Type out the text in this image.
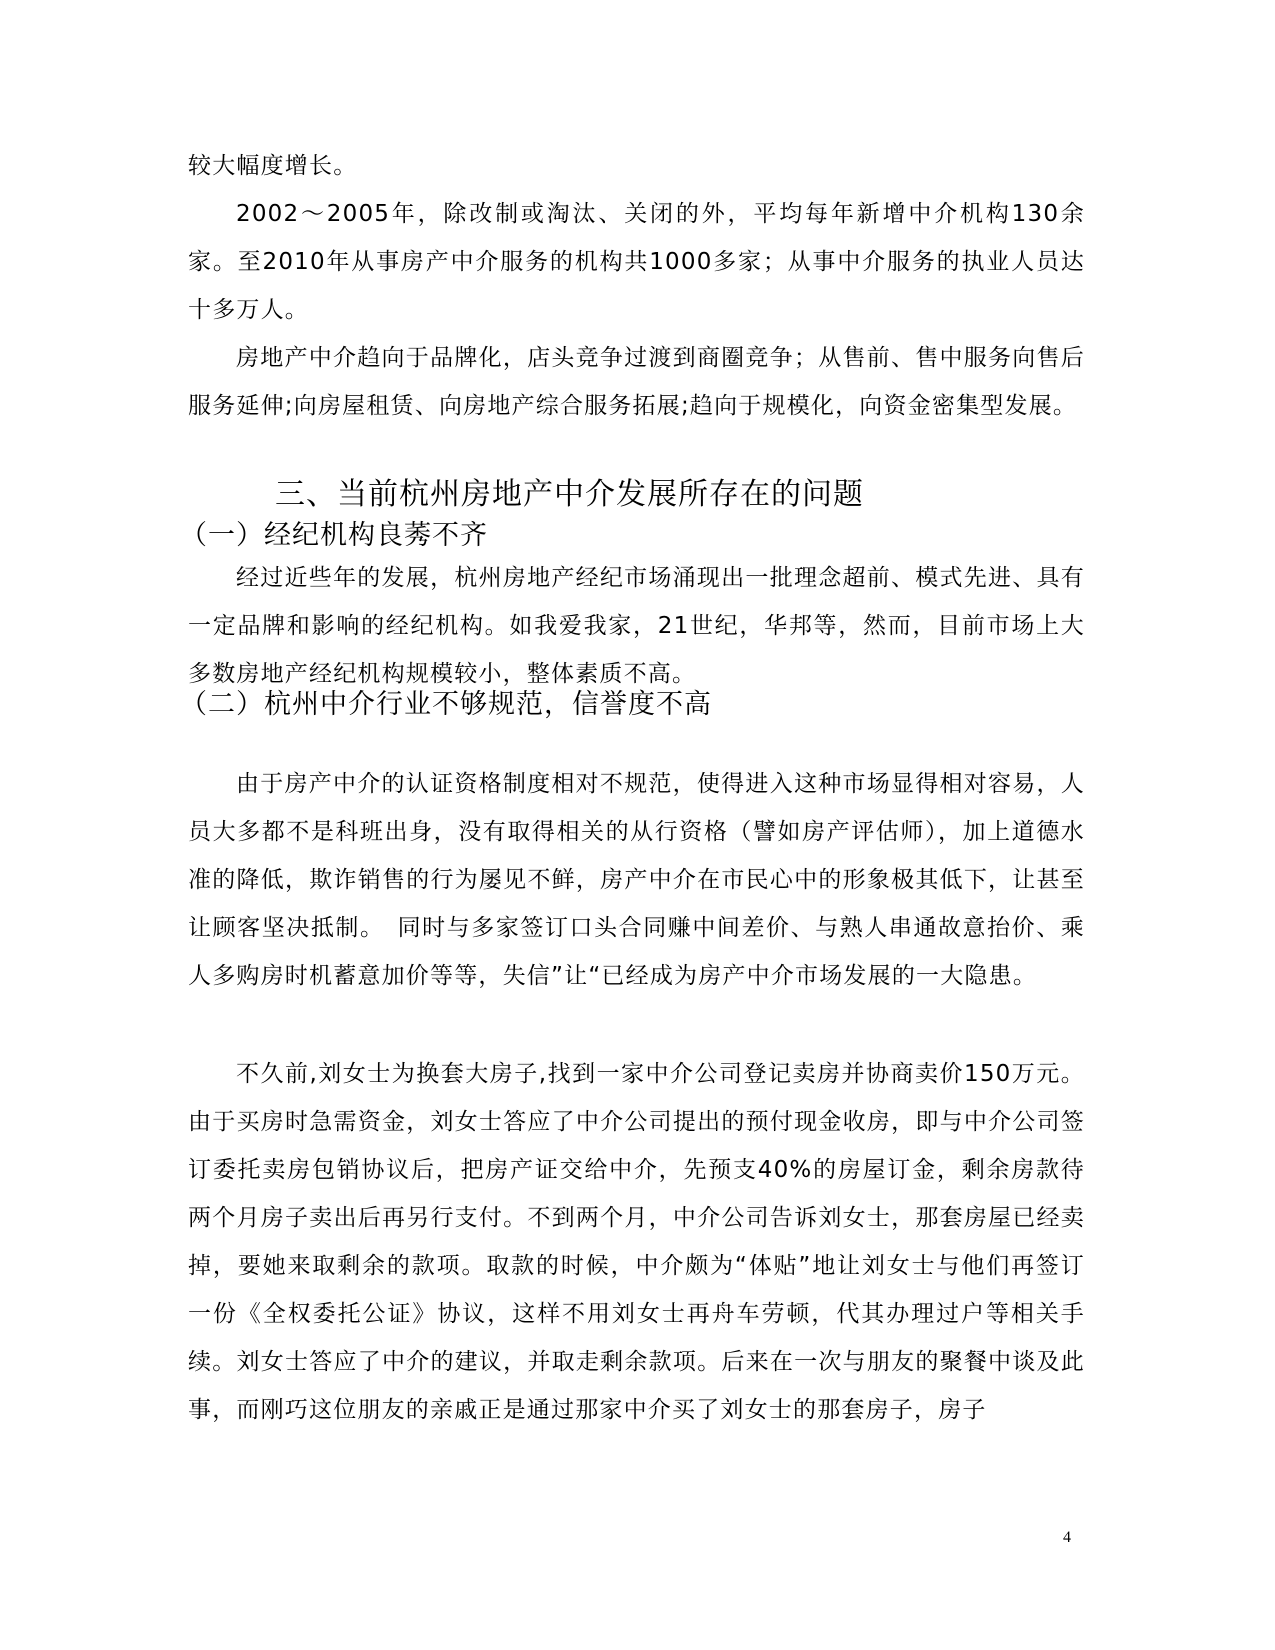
较大幅度增长。

2002～2005年，除改制或淘汰、关闭的外，平均每年新增中介机构130余家。至2010年从事房产中介服务的机构共1000多家；从事中介服务的执业人员达十多万人。

房地产中介趋向于品牌化，店头竞争过渡到商圈竞争；从售前、售中服务向售后服务延伸;向房屋租赁、向房地产综合服务拓展;趋向于规模化，向资金密集型发展。

三、当前杭州房地产中介发展所存在的问题
（一）经纪机构良莠不齐

经过近些年的发展，杭州房地产经纪市场涌现出一批理念超前、模式先进、具有一定品牌和影响的经纪机构。如我爱我家，21世纪，华邦等，然而，目前市场上大多数房地产经纪机构规模较小，整体素质不高。

（二）杭州中介行业不够规范，信誉度不高

由于房产中介的认证资格制度相对不规范，使得进入这种市场显得相对容易，人员大多都不是科班出身，没有取得相关的从行资格（譬如房产评估师），加上道德水准的降低，欺诈销售的行为屡见不鲜，房产中介在市民心中的形象极其低下，让甚至让顾客坚决抵制。　同时与多家签订口头合同赚中间差价、与熟人串通故意抬价、乘人多购房时机蓄意加价等等，失信”让“已经成为房产中介市场发展的一大隐患。

不久前,刘女士为换套大房子,找到一家中介公司登记卖房并协商卖价150万元。由于买房时急需资金，刘女士答应了中介公司提出的预付现金收房，即与中介公司签订委托卖房包销协议后，把房产证交给中介，先预支40%的房屋订金，剩余房款待两个月房子卖出后再另行支付。不到两个月，中介公司告诉刘女士，那套房屋已经卖掉，要她来取剩余的款项。取款的时候，中介颇为“体贴”地让刘女士与他们再签订一份《全权委托公证》协议，这样不用刘女士再舟车劳顿，代其办理过户等相关手续。刘女士答应了中介的建议，并取走剩余款项。后来在一次与朋友的聚餐中谈及此事，而刚巧这位朋友的亲戚正是通过那家中介买了刘女士的那套房子，房子

4
